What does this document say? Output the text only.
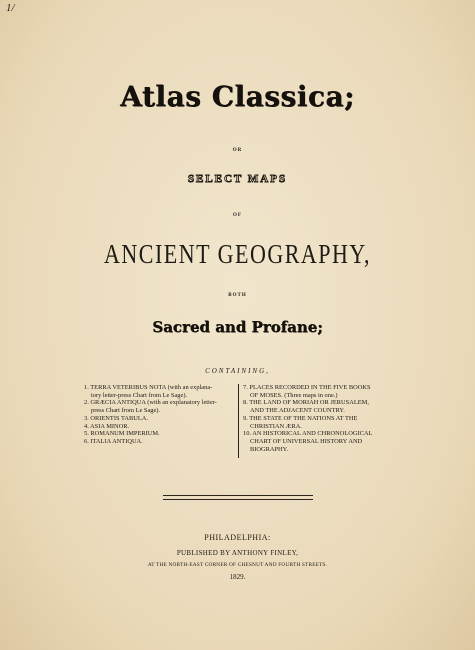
1/
Atlas Classica;
OR
SELECT MAPS
OF
ANCIENT GEOGRAPHY,
BOTH
Sacred and Profane;
CONTAINING,
1. TERRA VETERIBUS NOTA (with an explana-
tory letter-press Chart from Le Sage).
2. GRÆCIA ANTIQUA (with an explanatory letter-
press Chart from Le Sage).
3. ORIENTIS TABULA.
4. ASIA MINOR.
5. ROMANUM IMPERIUM.
6. ITALIA ANTIQUA.
7. PLACES RECORDED IN THE FIVE BOOKS
OF MOSES. (Three maps in one.)
8. THE LAND OF MORIAH OR JERUSALEM,
AND THE ADJACENT COUNTRY.
9. THE STATE OF THE NATIONS AT THE
CHRISTIAN ÆRA.
10. AN HISTORICAL AND CHRONOLOGICAL
CHART OF UNIVERSAL HISTORY AND
BIOGRAPHY.
PHILADELPHIA:
PUBLISHED BY ANTHONY FINLEY,
AT THE NORTH-EAST CORNER OF CHESNUT AND FOURTH STREETS.
1829.
